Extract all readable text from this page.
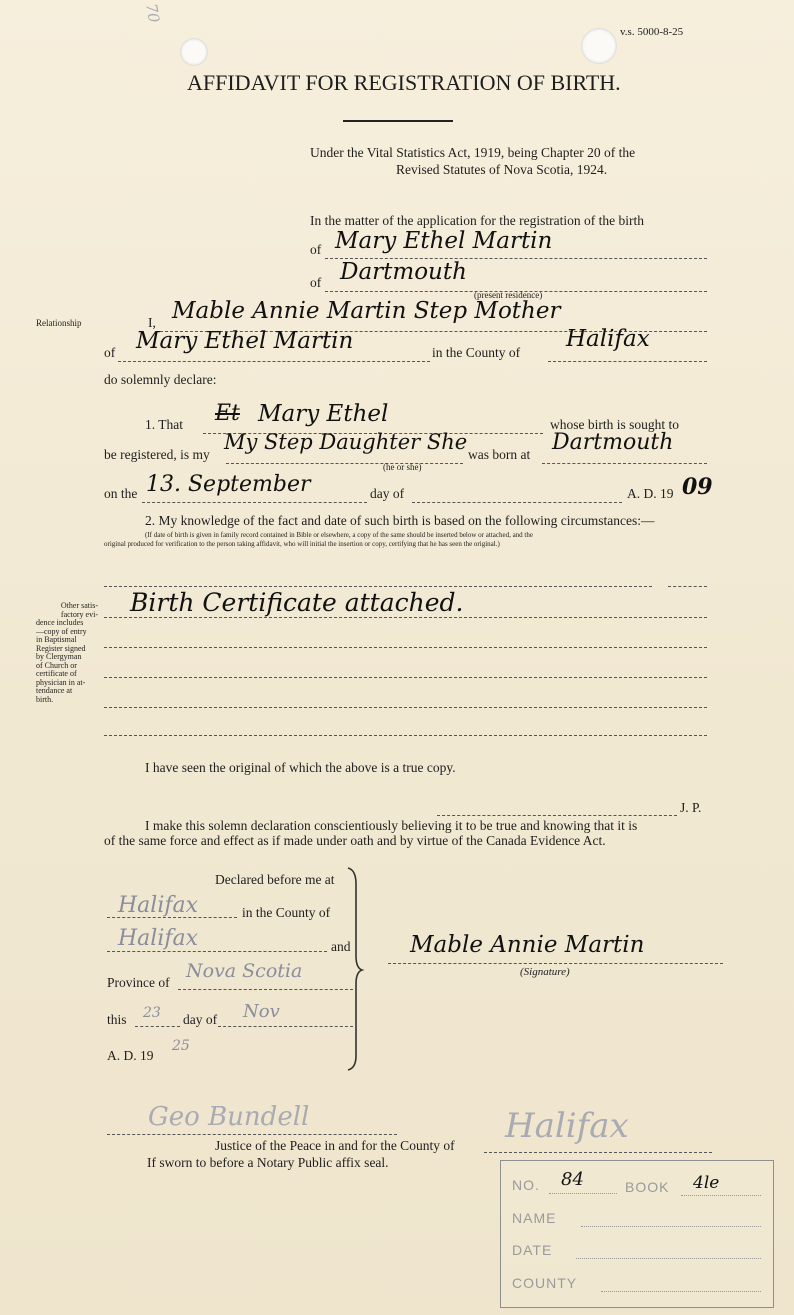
70
v.s. 5000-8-25
AFFIDAVIT FOR REGISTRATION OF BIRTH.
Under the Vital Statistics Act, 1919, being Chapter 20 of the
Revised Statutes of Nova Scotia, 1924.
In the matter of the application for the registration of the birth
of Mary Ethel Martin
of Dartmouth
(present residence)
Relationship	I, Mable Annie Martin Step Mother
of Mary Ethel Martin	in the County of
Halifax
do solemnly declare:
1. That Et Mary Ethel	whose birth is sought to
be registered, is my
My Step Daughter She
(he or she)
was born at Dartmouth
on the 13. September	day of	A. D. 19 09
2. My knowledge of the fact and date of such birth is based on the following circumstances:—
(If date of birth is given in family record contained in Bible or elsewhere, a copy of the same should be inserted below or attached, and the
original produced for verification to the person taking affidavit, who will initial the insertion or copy, certifying that he has seen the original.)
Birth Certificate attached.
Other satis-
factory evi-
dence includes
—copy of entry
in Baptismal
Register signed
by Clergyman
of Church or
certificate of
physician in at-
tendance at
birth.
I have seen the original of which the above is a true copy.
J. P.
I make this solemn declaration conscientiously believing it to be true and knowing that it is
of the same force and effect as if made under oath and by virtue of the Canada Evidence Act.
Declared before me at
Halifax	in the County of
Halifax	and
Province of
Nova Scotia
this 23 day of Nov
A. D. 19
25
Mable Annie Martin
(Signature)
Geo Bundell
Justice of the Peace in and for the County of Halifax
If sworn to before a Notary Public affix seal.
NO. 84	BOOK 4le
NAME
DATE
COUNTY
